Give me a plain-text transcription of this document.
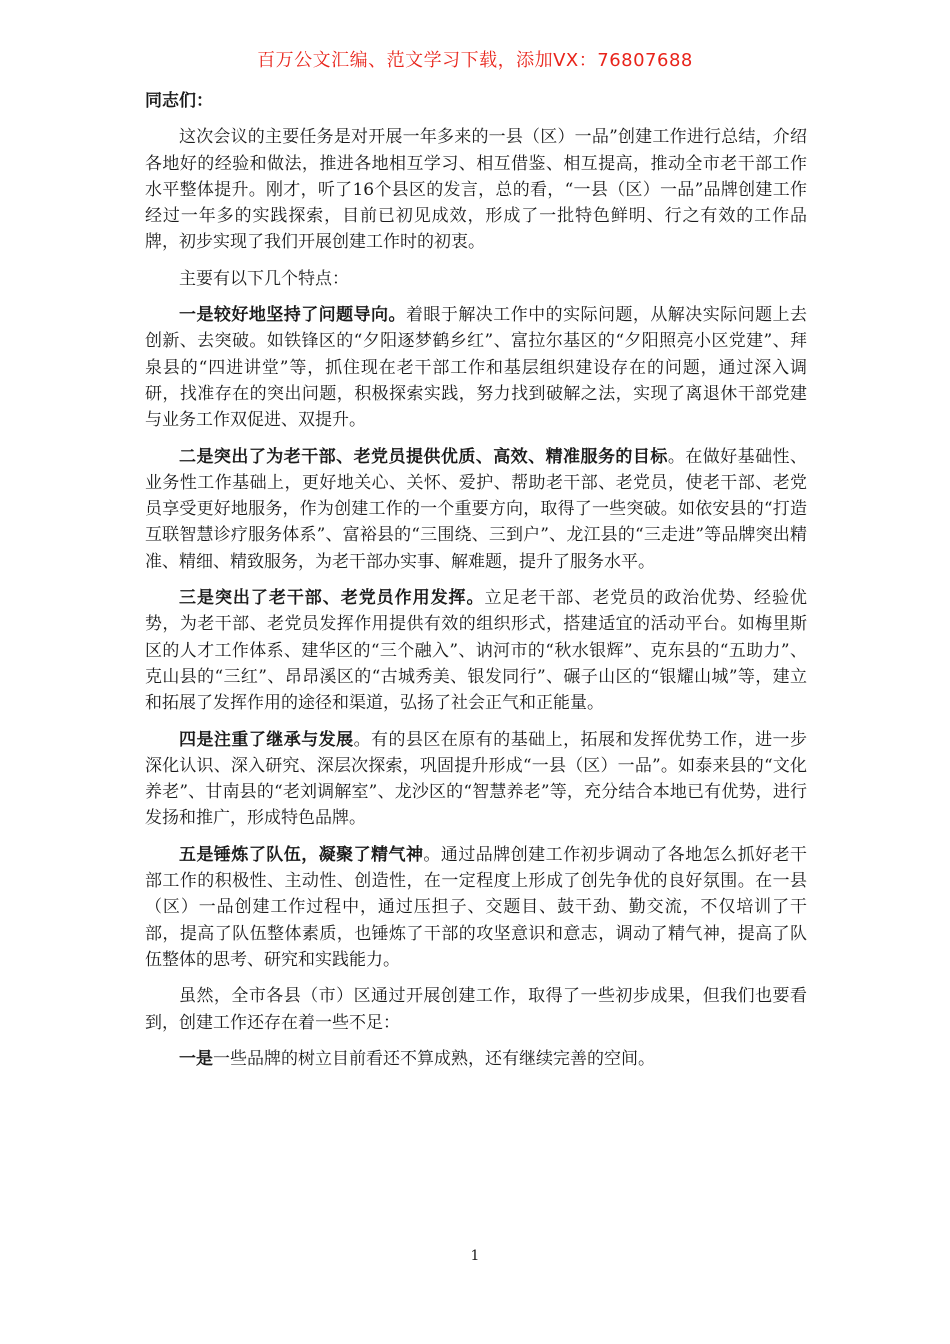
百万公文汇编、范文学习下载，添加VX：76807688
同志们：

这次会议的主要任务是对开展一年多来的一县（区）一品”创建工作进行总结，介绍各地好的经验和做法，推进各地相互学习、相互借鉴、相互提高，推动全市老干部工作水平整体提升。刚才，听了16个县区的发言，总的看，“一县（区）一品”品牌创建工作经过一年多的实践探索，目前已初见成效，形成了一批特色鲜明、行之有效的工作品牌，初步实现了我们开展创建工作时的初衷。

主要有以下几个特点：

一是较好地坚持了问题导向。着眼于解决工作中的实际问题，从解决实际问题上去创新、去突破。如铁锋区的“夕阳逐梦鹤乡红”、富拉尔基区的“夕阳照亮小区党建”、拜泉县的“四进讲堂”等，抓住现在老干部工作和基层组织建设存在的问题，通过深入调研，找准存在的突出问题，积极探索实践，努力找到破解之法，实现了离退休干部党建与业务工作双促进、双提升。

二是突出了为老干部、老党员提供优质、高效、精准服务的目标。在做好基础性、业务性工作基础上，更好地关心、关怀、爱护、帮助老干部、老党员，使老干部、老党员享受更好地服务，作为创建工作的一个重要方向，取得了一些突破。如依安县的“打造互联智慧诊疗服务体系”、富裕县的“三围绕、三到户”、龙江县的“三走进”等品牌突出精准、精细、精致服务，为老干部办实事、解难题，提升了服务水平。

三是突出了老干部、老党员作用发挥。立足老干部、老党员的政治优势、经验优势，为老干部、老党员发挥作用提供有效的组织形式，搭建适宜的活动平台。如梅里斯区的人才工作体系、建华区的“三个融入”、讷河市的“秋水银辉”、克东县的“五助力”、克山县的“三红”、昂昂溪区的“古城秀美、银发同行”、碾子山区的“银耀山城”等，建立和拓展了发挥作用的途径和渠道，弘扬了社会正气和正能量。

四是注重了继承与发展。有的县区在原有的基础上，拓展和发挥优势工作，进一步深化认识、深入研究、深层次探索，巩固提升形成“一县（区）一品”。如泰来县的“文化养老”、甘南县的“老刘调解室”、龙沙区的“智慧养老”等，充分结合本地已有优势，进行发扬和推广，形成特色品牌。

五是锤炼了队伍，凝聚了精气神。通过品牌创建工作初步调动了各地怎么抓好老干部工作的积极性、主动性、创造性，在一定程度上形成了创先争优的良好氛围。在一县（区）一品创建工作过程中，通过压担子、交题目、鼓干劲、勤交流，不仅培训了干部，提高了队伍整体素质，也锤炼了干部的攻坚意识和意志，调动了精气神，提高了队伍整体的思考、研究和实践能力。

虽然，全市各县（市）区通过开展创建工作，取得了一些初步成果，但我们也要看到，创建工作还存在着一些不足：

一是一些品牌的树立目前看还不算成熟，还有继续完善的空间。

1
